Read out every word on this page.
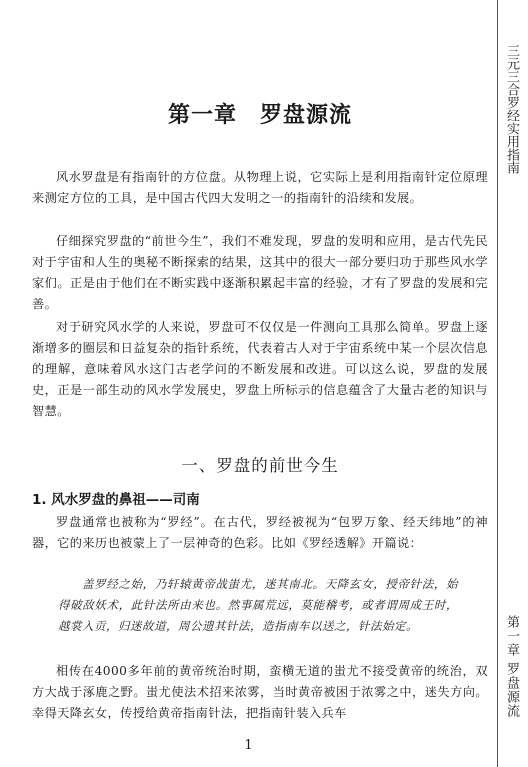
三元三合罗经实用指南
第一章 罗盘源流
第一章　罗盘源流

风水罗盘是有指南针的方位盘。从物理上说，它实际上是利用指南针定位原理来测定方位的工具，是中国古代四大发明之一的指南针的沿续和发展。

仔细探究罗盘的“前世今生”，我们不难发现，罗盘的发明和应用，是古代先民对于宇宙和人生的奥秘不断探索的结果，这其中的很大一部分要归功于那些风水学家们。正是由于他们在不断实践中逐渐积累起丰富的经验，才有了罗盘的发展和完善。

对于研究风水学的人来说，罗盘可不仅仅是一件测向工具那么简单。罗盘上逐渐增多的圈层和日益复杂的指针系统，代表着古人对于宇宙系统中某一个层次信息的理解，意味着风水这门古老学问的不断发展和改进。可以这么说，罗盘的发展史，正是一部生动的风水学发展史，罗盘上所标示的信息蕴含了大量古老的知识与智慧。

一、罗盘的前世今生
1. 风水罗盘的鼻祖——司南

罗盘通常也被称为“罗经”。在古代，罗经被视为“包罗万象、经天纬地”的神器，它的来历也被蒙上了一层神奇的色彩。比如《罗经透解》开篇说：

盖罗经之始，乃轩辕黄帝战蚩尤，迷其南北。天降玄女，授帝针法，始得破敌妖术，此针法所由来也。然事属荒远，莫能稽考，或者谓周成王时，越裳入贡，归迷故道，周公遗其针法，造指南车以送之，针法始定。

相传在4000多年前的黄帝统治时期，蛮横无道的蚩尤不接受黄帝的统治，双方大战于涿鹿之野。蚩尤使法术招来浓雾，当时黄帝被困于浓雾之中，迷失方向。幸得天降玄女，传授给黄帝指南针法，把指南针装入兵车

1
